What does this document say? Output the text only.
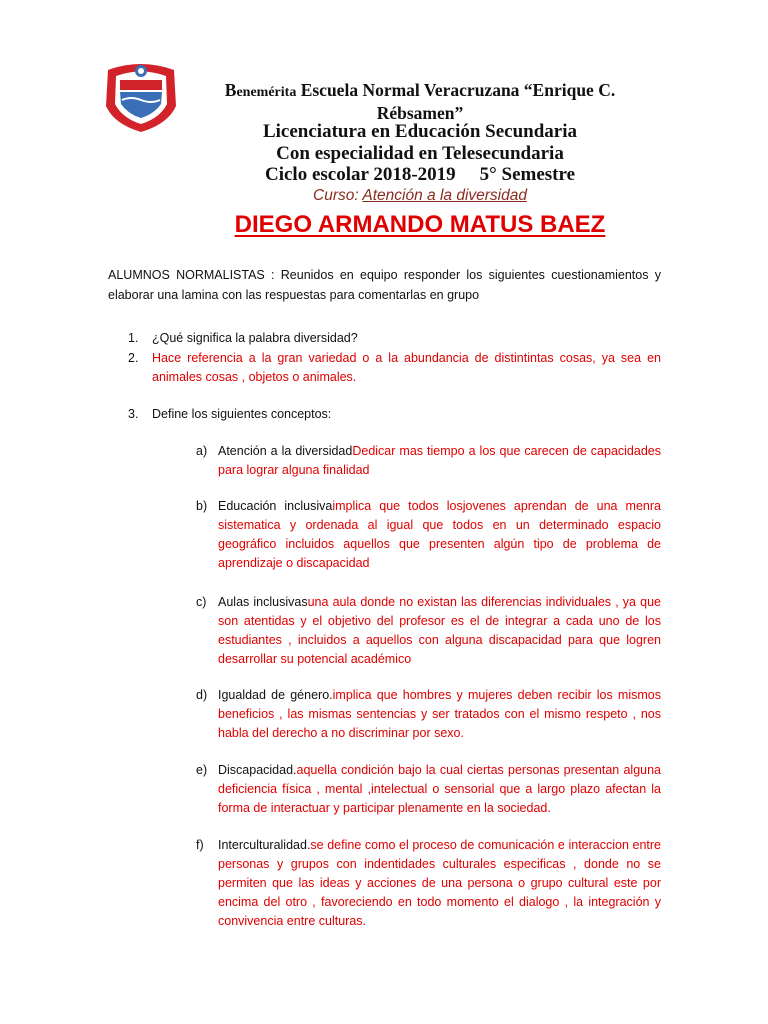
Benemérita Escuela Normal Veracruzana “Enrique C. Rébsamen”
Licenciatura en Educación Secundaria
Con especialidad en Telesecundaria
Ciclo escolar 2018-2019 5° Semestre
Curso: Atención a la diversidad
DIEGO ARMANDO MATUS BAEZ
ALUMNOS NORMALISTAS : Reunidos en equipo responder los siguientes cuestionamientos y elaborar una lamina con las respuestas para comentarlas en grupo
1.	¿Qué significa la palabra diversidad?
2.	Hace referencia a la gran variedad o a la abundancia de distintintas cosas, ya sea en animales cosas , objetos o animales.
3.	Define los siguientes conceptos:
a) Atención a la diversidadDedicar mas tiempo a los que carecen de capacidades para lograr alguna finalidad
b) Educación inclusivaimplica que todos losjovenes aprendan de una menra sistematica y ordenada al igual que todos en un determinado espacio geográfico incluidos aquellos que presenten algún tipo de problema de aprendizaje o discapacidad
c) Aulas inclusivasuna aula donde no existan las diferencias individuales , ya que son atentidas y el objetivo del profesor es el de integrar a cada uno de los estudiantes , incluidos a aquellos con alguna discapacidad para que logren desarrollar su potencial académico
d) Igualdad de género.implica que hombres y mujeres deben recibir los mismos beneficios , las mismas sentencias y ser tratados con el mismo respeto , nos habla del derecho a no discriminar por sexo.
e) Discapacidad.aquella condición bajo la cual ciertas personas presentan alguna deficiencia física , mental ,intelectual o sensorial que a largo plazo afectan la forma de interactuar y participar plenamente en la sociedad.
f)	Interculturalidad.se define como el proceso de comunicación e interaccion entre personas y grupos con indentidades culturales especificas , donde no se permiten que las ideas y acciones de una persona o grupo cultural este por encima del otro , favoreciendo en todo momento el dialogo , la integración y convivencia entre culturas.
